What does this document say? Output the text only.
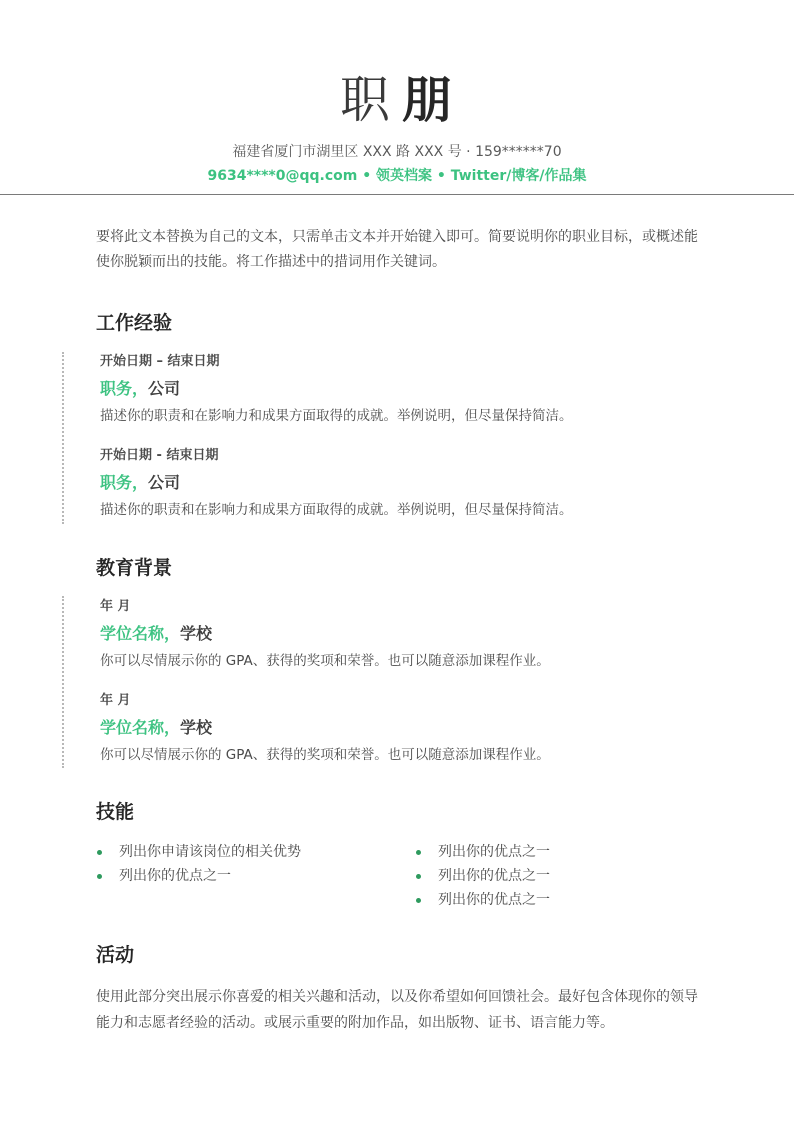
职 朋
福建省厦门市湖里区 XXX 路 XXX 号 · 159******70
9634****0@qq.com • 领英档案 • Twitter/博客/作品集
要将此文本替换为自己的文本，只需单击文本并开始键入即可。简要说明你的职业目标，或概述能使你脱颖而出的技能。将工作描述中的措词用作关键词。
工作经验
开始日期 – 结束日期
职务，公司
描述你的职责和在影响力和成果方面取得的成就。举例说明，但尽量保持简洁。
开始日期 - 结束日期
职务，公司
描述你的职责和在影响力和成果方面取得的成就。举例说明，但尽量保持简洁。
教育背景
年 月
学位名称，学校
你可以尽情展示你的 GPA、获得的奖项和荣誉。也可以随意添加课程作业。
年 月
学位名称，学校
你可以尽情展示你的 GPA、获得的奖项和荣誉。也可以随意添加课程作业。
技能
列出你申请该岗位的相关优势
列出你的优点之一
列出你的优点之一
列出你的优点之一
列出你的优点之一
活动
使用此部分突出展示你喜爱的相关兴趣和活动，以及你希望如何回馈社会。最好包含体现你的领导能力和志愿者经验的活动。或展示重要的附加作品，如出版物、证书、语言能力等。
